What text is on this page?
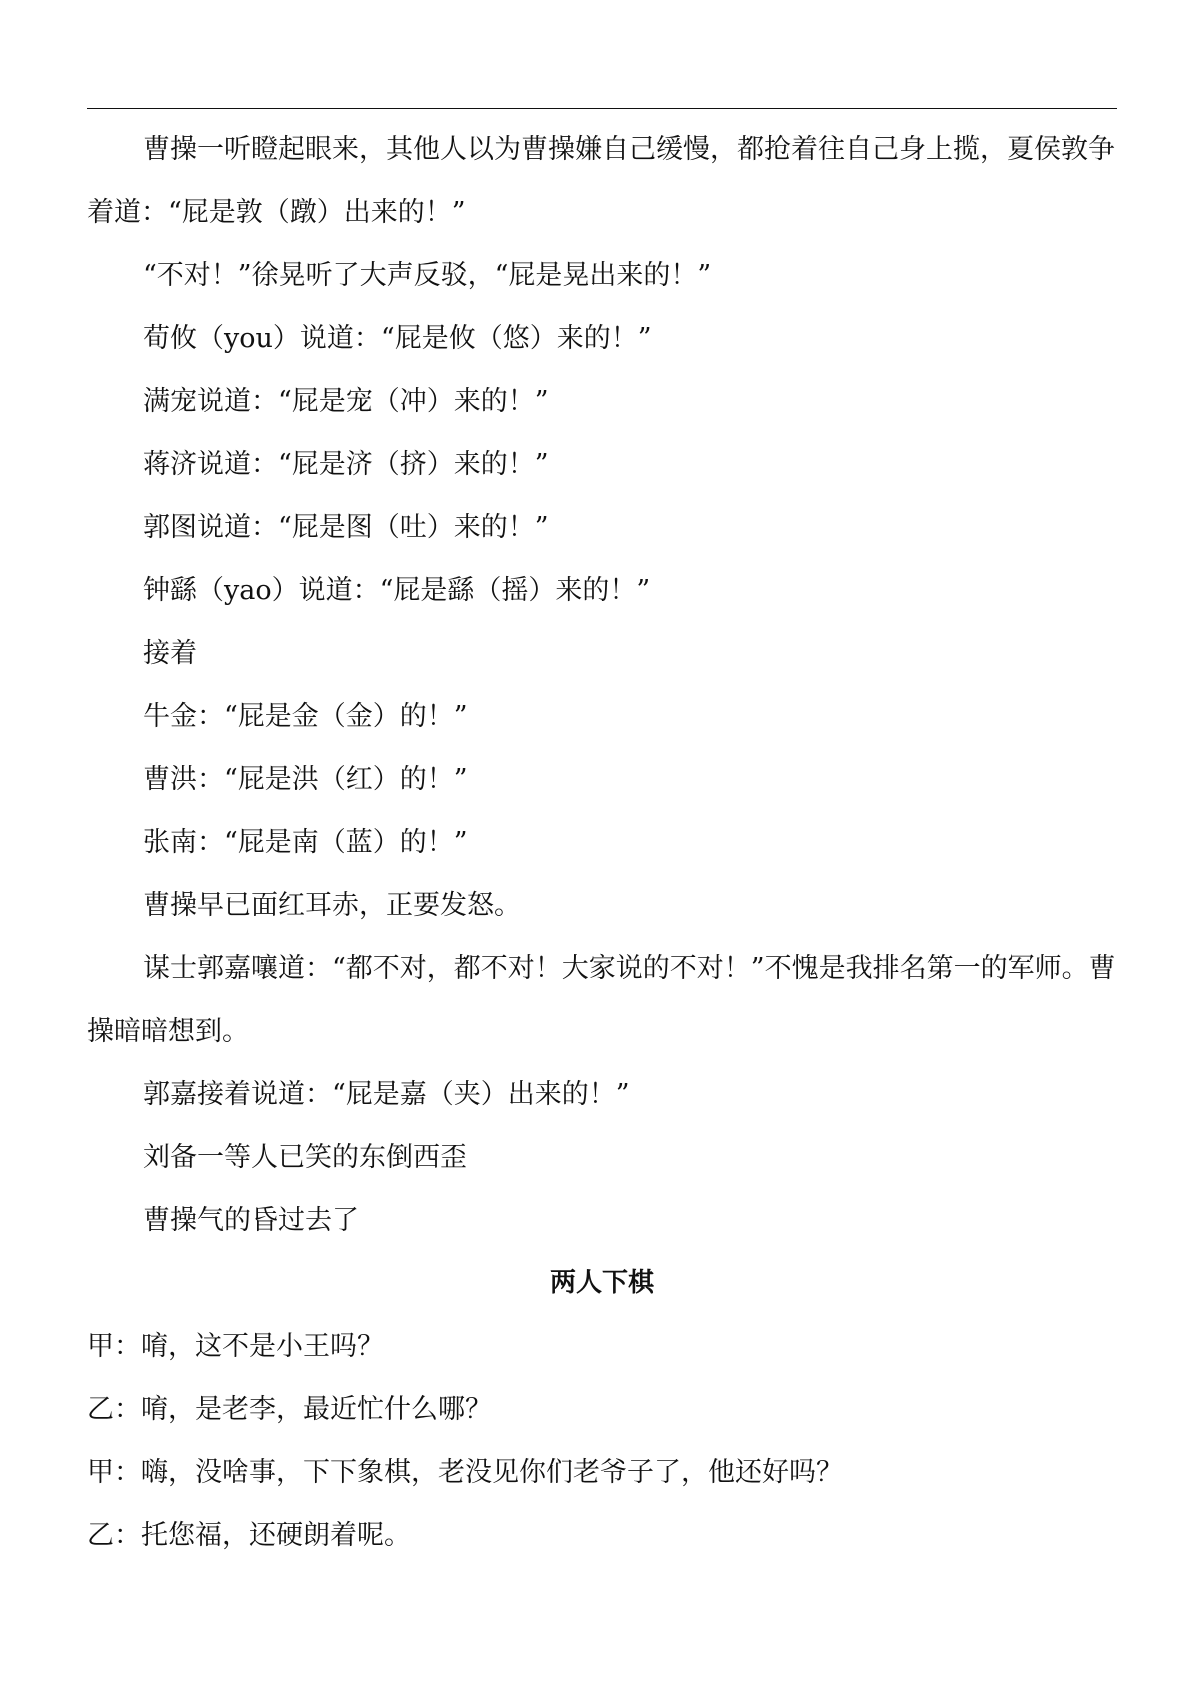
曹操一听瞪起眼来，其他人以为曹操嫌自己缓慢，都抢着往自己身上揽，夏侯敦争着道：“屁是敦（蹾）出来的！”

“不对！”徐晃听了大声反驳，“屁是晃出来的！”

荀攸（you）说道：“屁是攸（悠）来的！”

满宠说道：“屁是宠（冲）来的！”

蒋济说道：“屁是济（挤）来的！”

郭图说道：“屁是图（吐）来的！”

钟繇（yao）说道：“屁是繇（摇）来的！”

接着

牛金：“屁是金（金）的！”

曹洪：“屁是洪（红）的！”

张南：“屁是南（蓝）的！”

曹操早已面红耳赤，正要发怒。

谋士郭嘉嚷道：“都不对，都不对！大家说的不对！”不愧是我排名第一的军师。曹操暗暗想到。

郭嘉接着说道：“屁是嘉（夹）出来的！”

刘备一等人已笑的东倒西歪

曹操气的昏过去了

两人下棋

甲：唷，这不是小王吗？

乙：唷，是老李，最近忙什么哪？

甲：嗨，没啥事，下下象棋，老没见你们老爷子了，他还好吗？

乙：托您福，还硬朗着呢。
